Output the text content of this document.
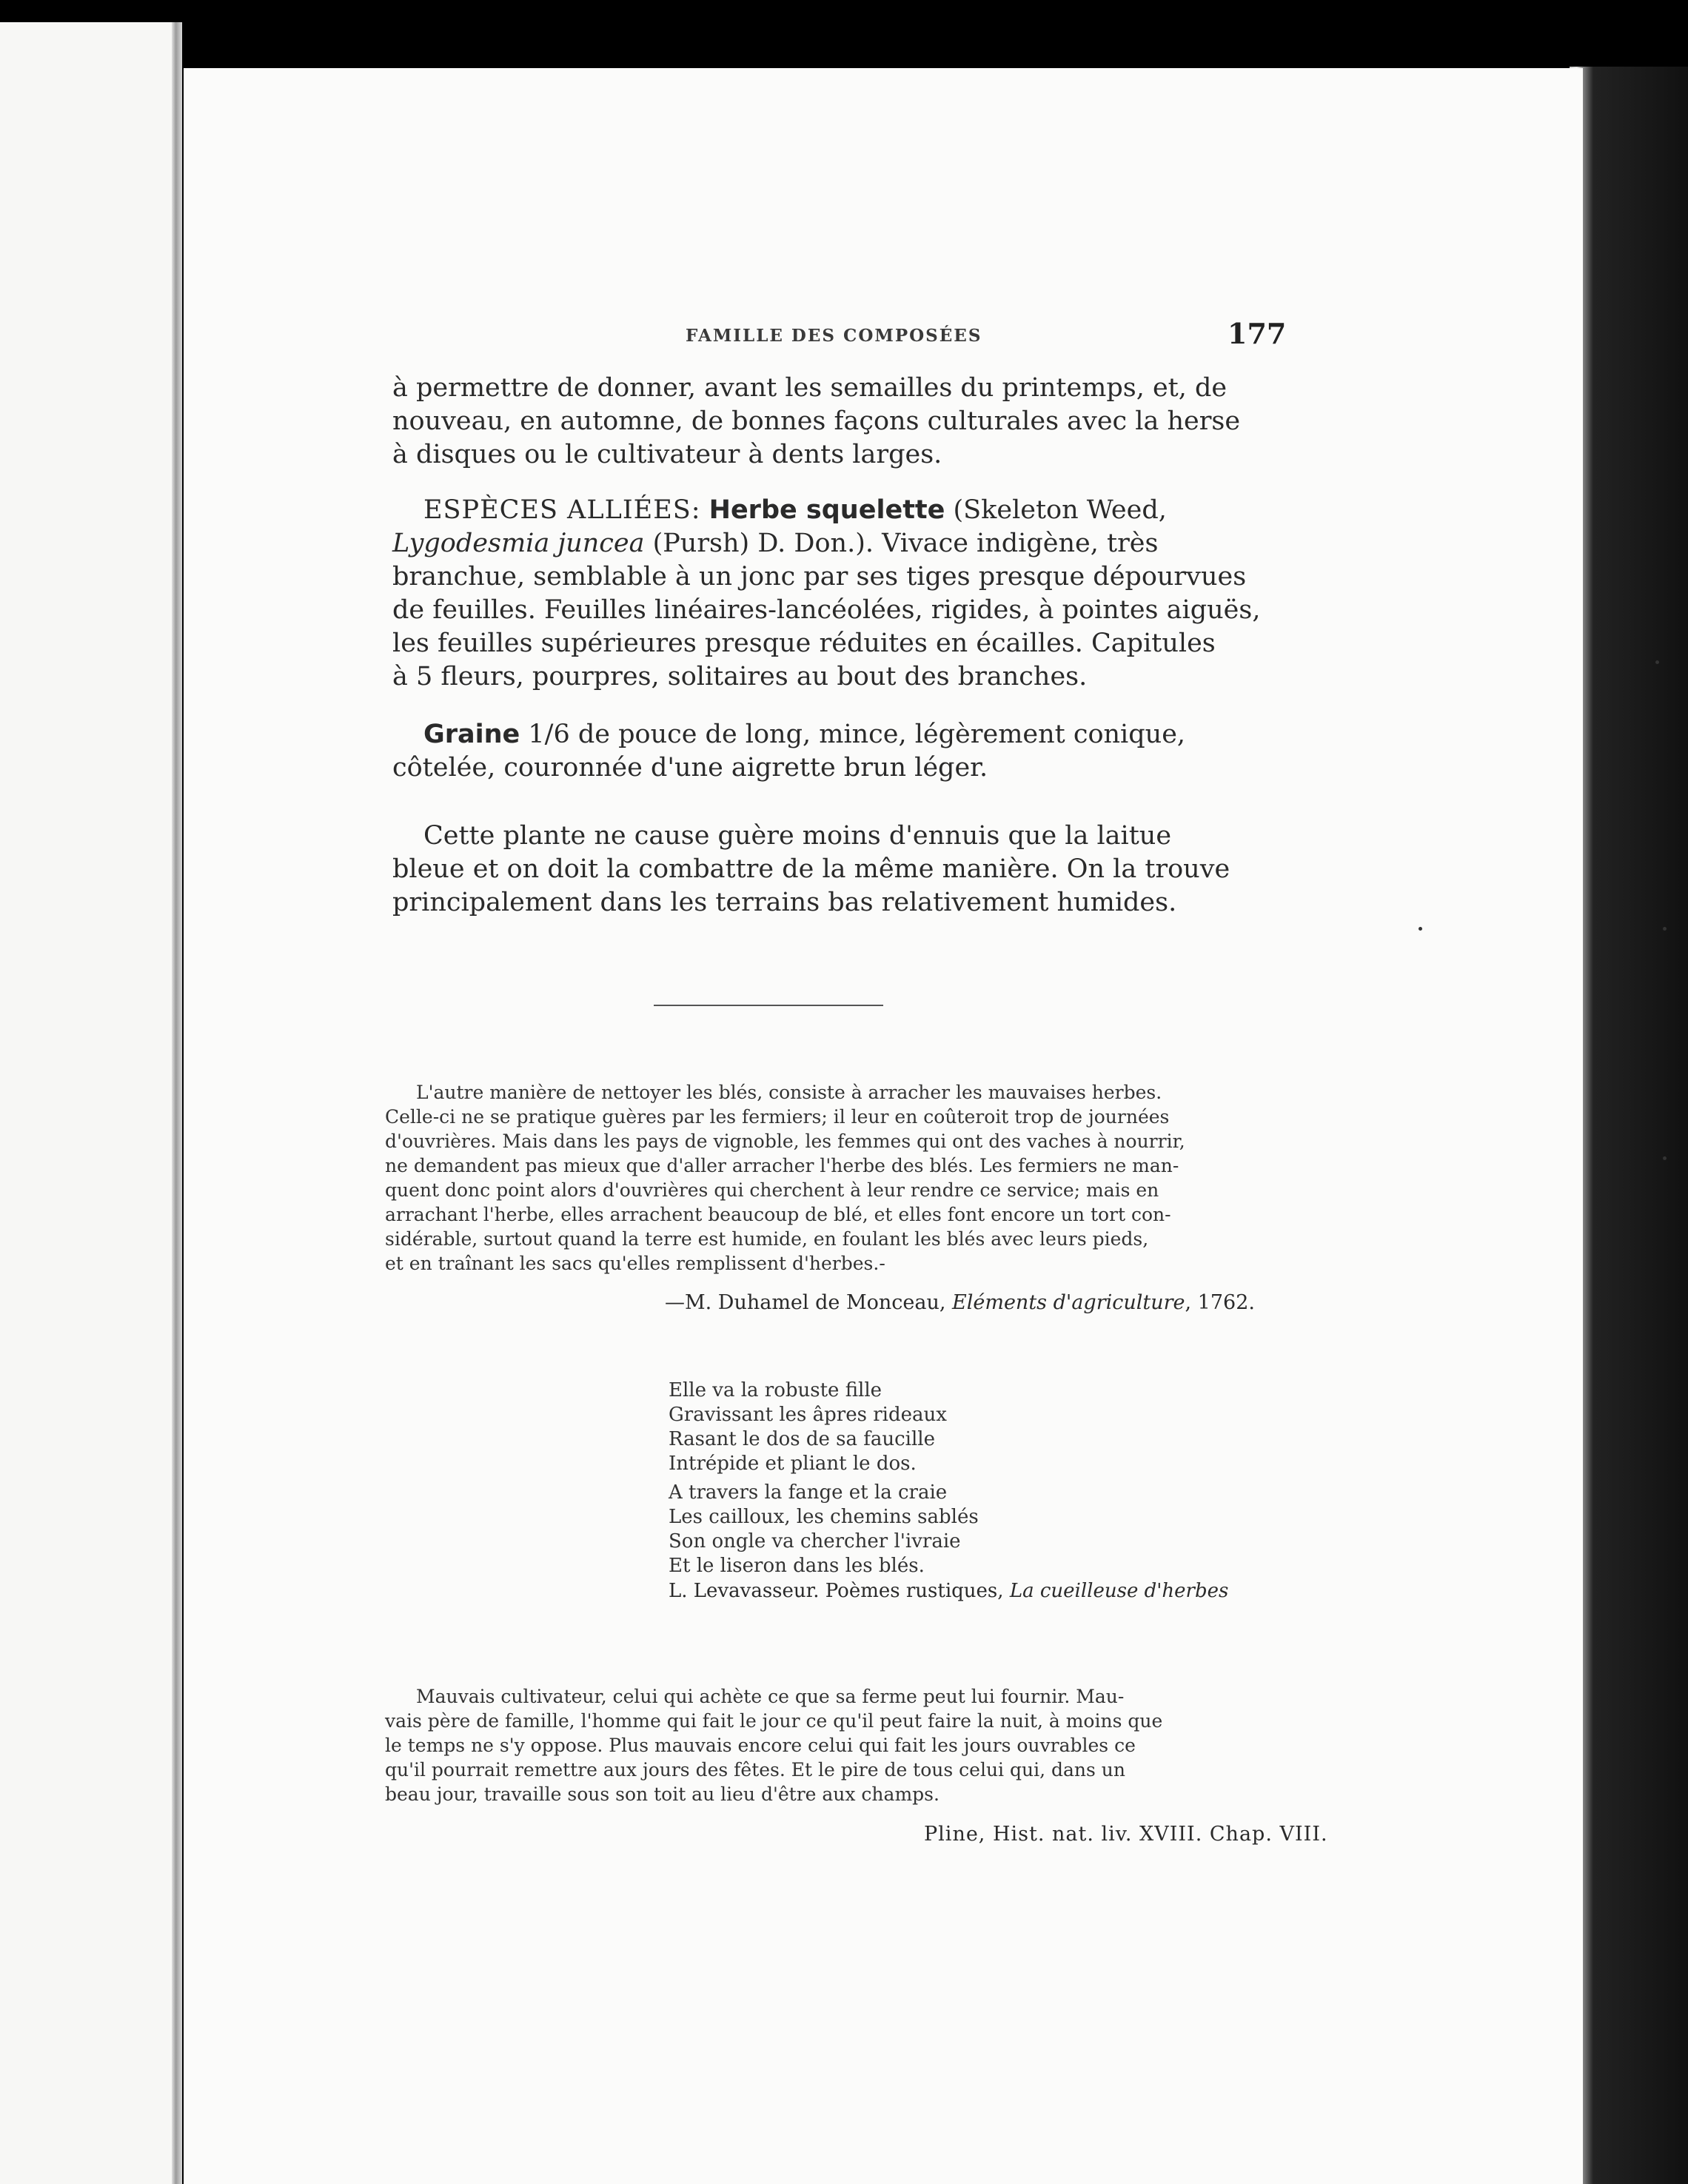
FAMILLE DES COMPOSÉES	177
à permettre de donner, avant les semailles du printemps, et, de
nouveau, en automne, de bonnes façons culturales avec la herse
à disques ou le cultivateur à dents larges.
ESPÈCES ALLIÉES: Herbe squelette (Skeleton Weed,
Lygodesmia juncea (Pursh) D. Don.). Vivace indigène, très
branchue, semblable à un jonc par ses tiges presque dépourvues
de feuilles. Feuilles linéaires-lancéolées, rigides, à pointes aiguës,
les feuilles supérieures presque réduites en écailles. Capitules
à 5 fleurs, pourpres, solitaires au bout des branches.
Graine 1/6 de pouce de long, mince, légèrement conique,
côtelée, couronnée d'une aigrette brun léger.
Cette plante ne cause guère moins d'ennuis que la laitue
bleue et on doit la combattre de la même manière. On la trouve
principalement dans les terrains bas relativement humides.
L'autre manière de nettoyer les blés, consiste à arracher les mauvaises herbes.
Celle-ci ne se pratique guères par les fermiers; il leur en coûteroit trop de journées
d'ouvrières. Mais dans les pays de vignoble, les femmes qui ont des vaches à nourrir,
ne demandent pas mieux que d'aller arracher l'herbe des blés. Les fermiers ne man-
quent donc point alors d'ouvrières qui cherchent à leur rendre ce service; mais en
arrachant l'herbe, elles arrachent beaucoup de blé, et elles font encore un tort con-
sidérable, surtout quand la terre est humide, en foulant les blés avec leurs pieds,
et en traînant les sacs qu'elles remplissent d'herbes.-
—M. Duhamel de Monceau, Eléments d'agriculture, 1762.
Elle va la robuste fille
Gravissant les âpres rideaux
Rasant le dos de sa faucille
Intrépide et pliant le dos.
A travers la fange et la craie
Les cailloux, les chemins sablés
Son ongle va chercher l'ivraie
Et le liseron dans les blés.
L. Levavasseur. Poèmes rustiques, La cueilleuse d'herbes
Mauvais cultivateur, celui qui achète ce que sa ferme peut lui fournir. Mau-
vais père de famille, l'homme qui fait le jour ce qu'il peut faire la nuit, à moins que
le temps ne s'y oppose. Plus mauvais encore celui qui fait les jours ouvrables ce
qu'il pourrait remettre aux jours des fêtes. Et le pire de tous celui qui, dans un
beau jour, travaille sous son toit au lieu d'être aux champs.
Pline, Hist. nat. liv. XVIII. Chap. VIII.
